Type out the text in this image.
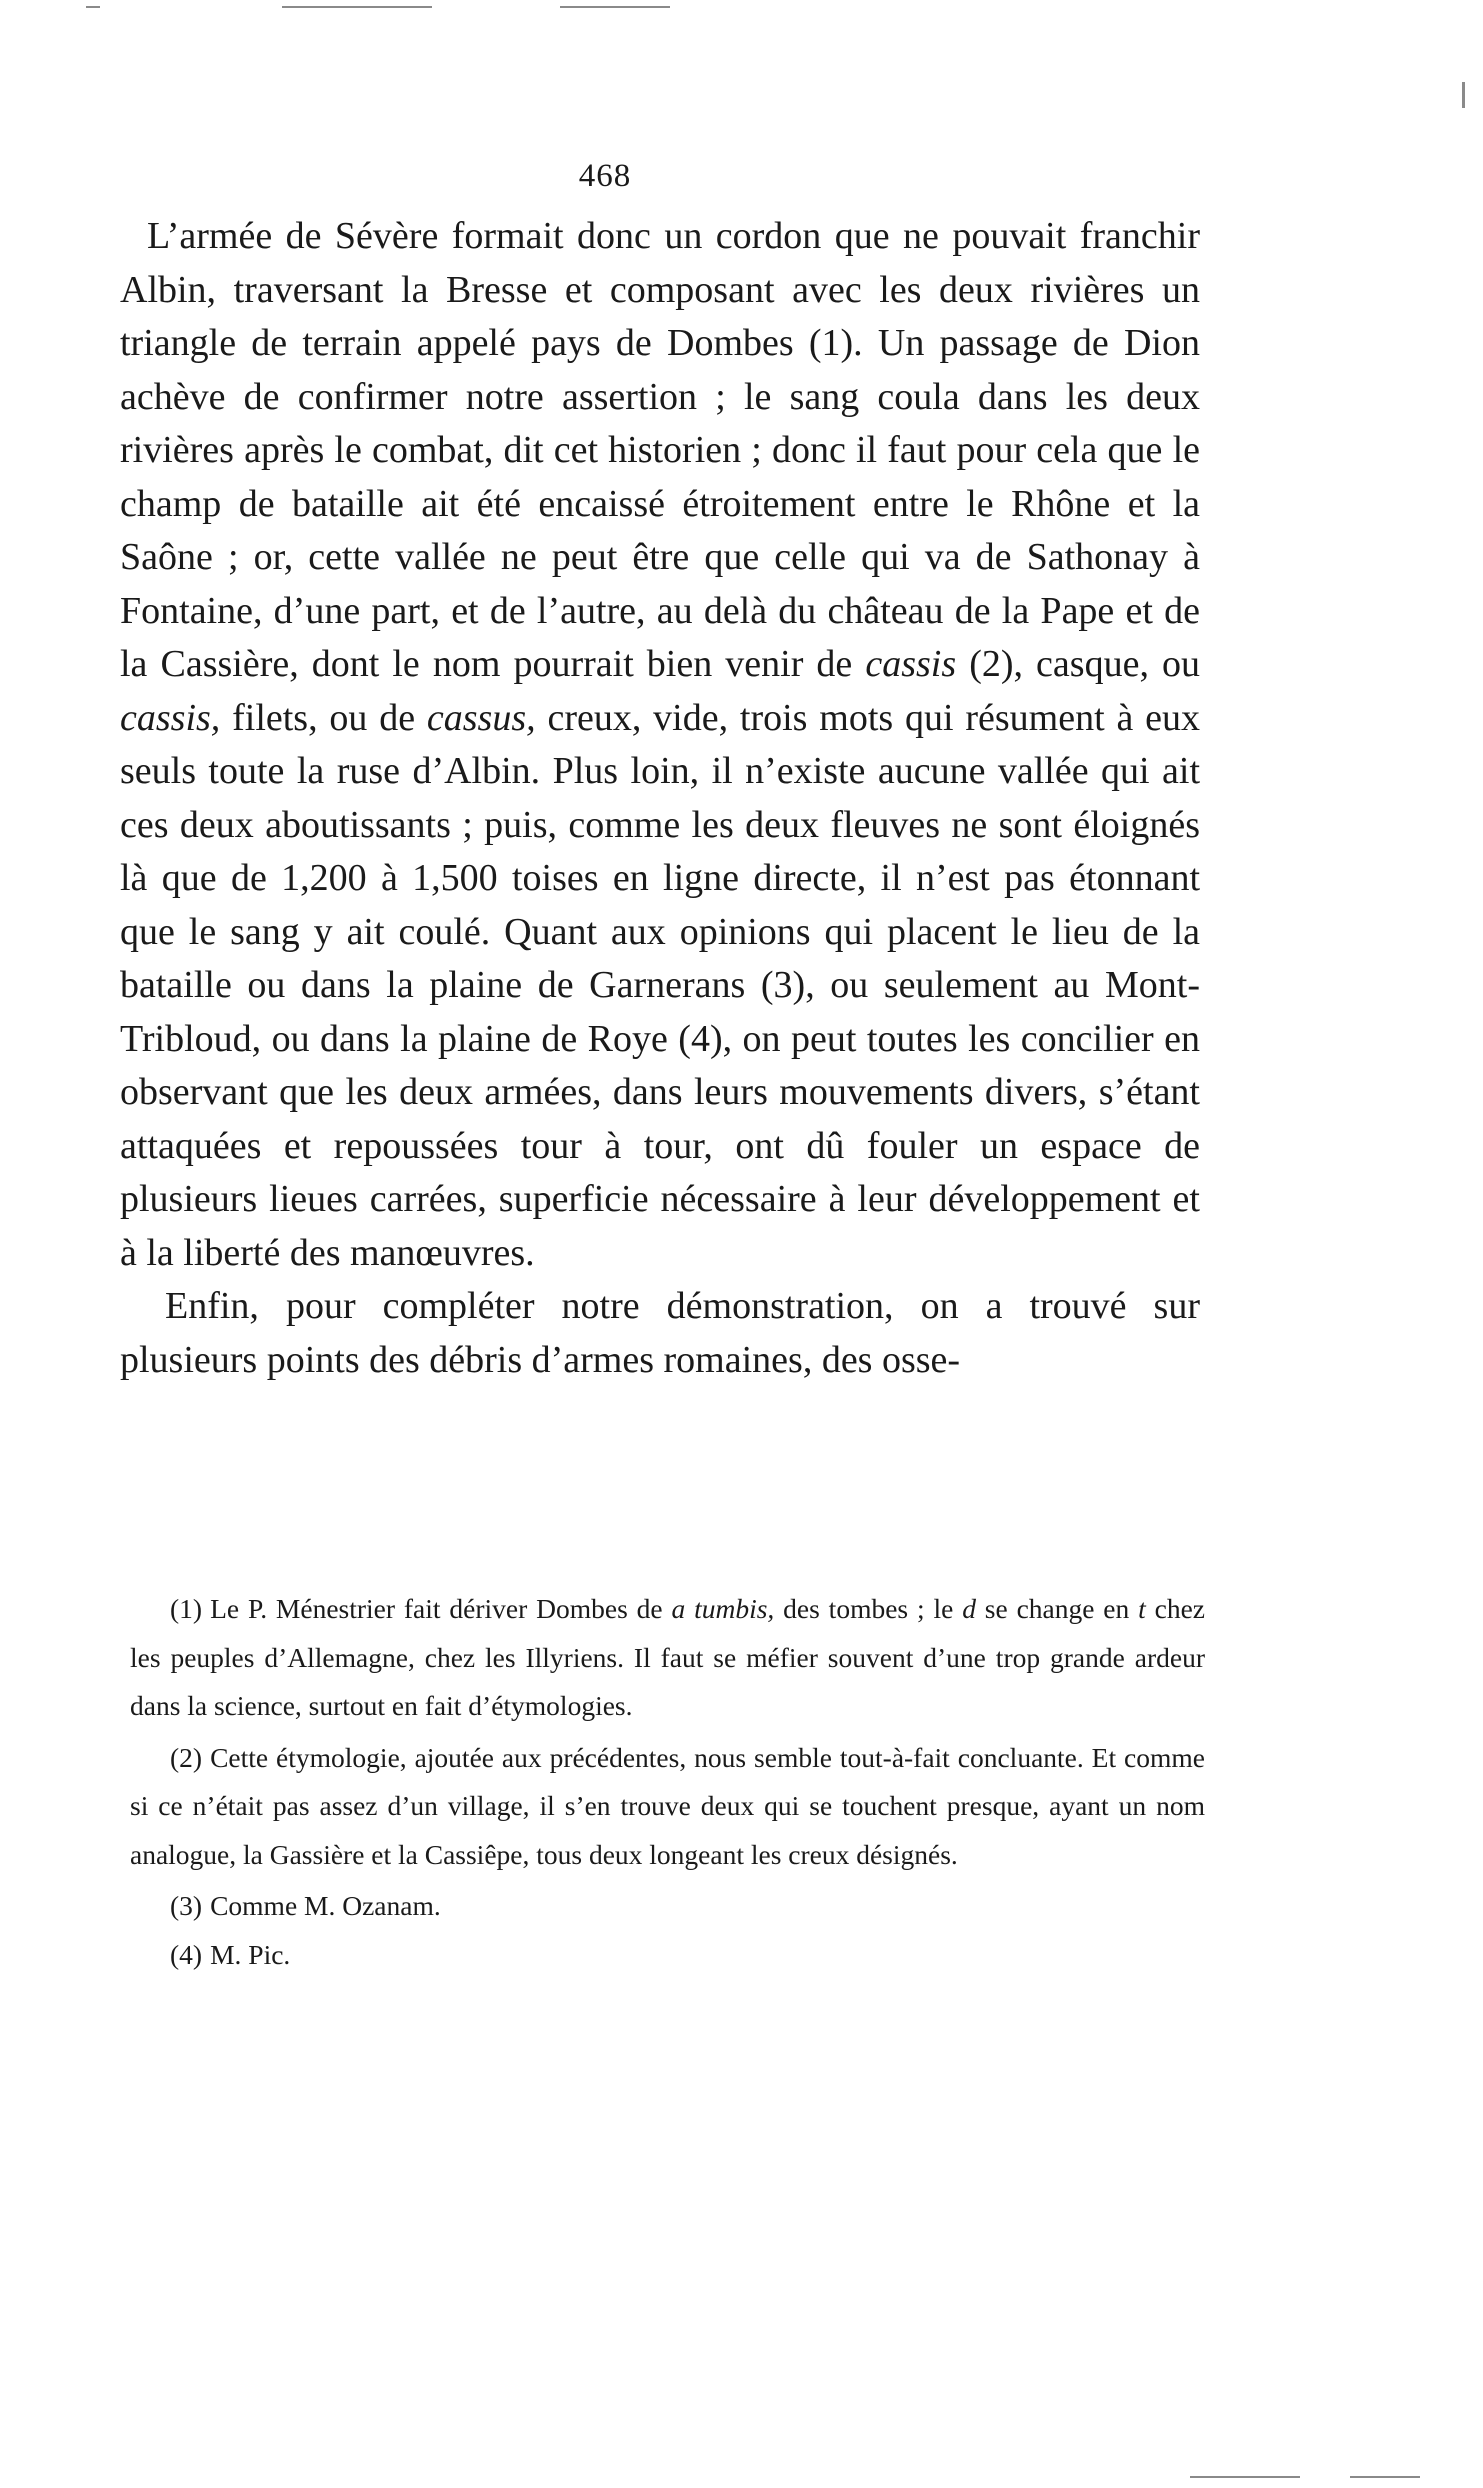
468

L’armée de Sévère formait donc un cordon que ne pouvait franchir Albin, traversant la Bresse et composant avec les deux rivières un triangle de terrain appelé pays de Dombes (1). Un passage de Dion achève de confirmer notre assertion ; le sang coula dans les deux rivières après le combat, dit cet historien ; donc il faut pour cela que le champ de bataille ait été encaissé étroitement entre le Rhône et la Saône ; or, cette vallée ne peut être que celle qui va de Sathonay à Fontaine, d’une part, et de l’autre, au delà du château de la Pape et de la Cassière, dont le nom pourrait bien venir de cassis (2), casque, ou cassis, filets, ou de cassus, creux, vide, trois mots qui résument à eux seuls toute la ruse d’Albin. Plus loin, il n’existe aucune vallée qui ait ces deux aboutissants ; puis, comme les deux fleuves ne sont éloignés là que de 1,200 à 1,500 toises en ligne directe, il n’est pas étonnant que le sang y ait coulé. Quant aux opinions qui placent le lieu de la bataille ou dans la plaine de Garnerans (3), ou seulement au Mont-Tribloud, ou dans la plaine de Roye (4), on peut toutes les concilier en observant que les deux armées, dans leurs mouvements divers, s’étant attaquées et repoussées tour à tour, ont dû fouler un espace de plusieurs lieues carrées, superficie nécessaire à leur développement et à la liberté des manœuvres.

Enfin, pour compléter notre démonstration, on a trouvé sur plusieurs points des débris d’armes romaines, des osse-

(1) Le P. Ménestrier fait dériver Dombes de a tumbis, des tombes ; le d se change en t chez les peuples d’Allemagne, chez les Illyriens. Il faut se méfier souvent d’une trop grande ardeur dans la science, surtout en fait d’étymologies.

(2) Cette étymologie, ajoutée aux précédentes, nous semble tout-à-fait concluante. Et comme si ce n’était pas assez d’un village, il s’en trouve deux qui se touchent presque, ayant un nom analogue, la Gassière et la Cassiêpe, tous deux longeant les creux désignés.

(3) Comme M. Ozanam.

(4) M. Pic.
